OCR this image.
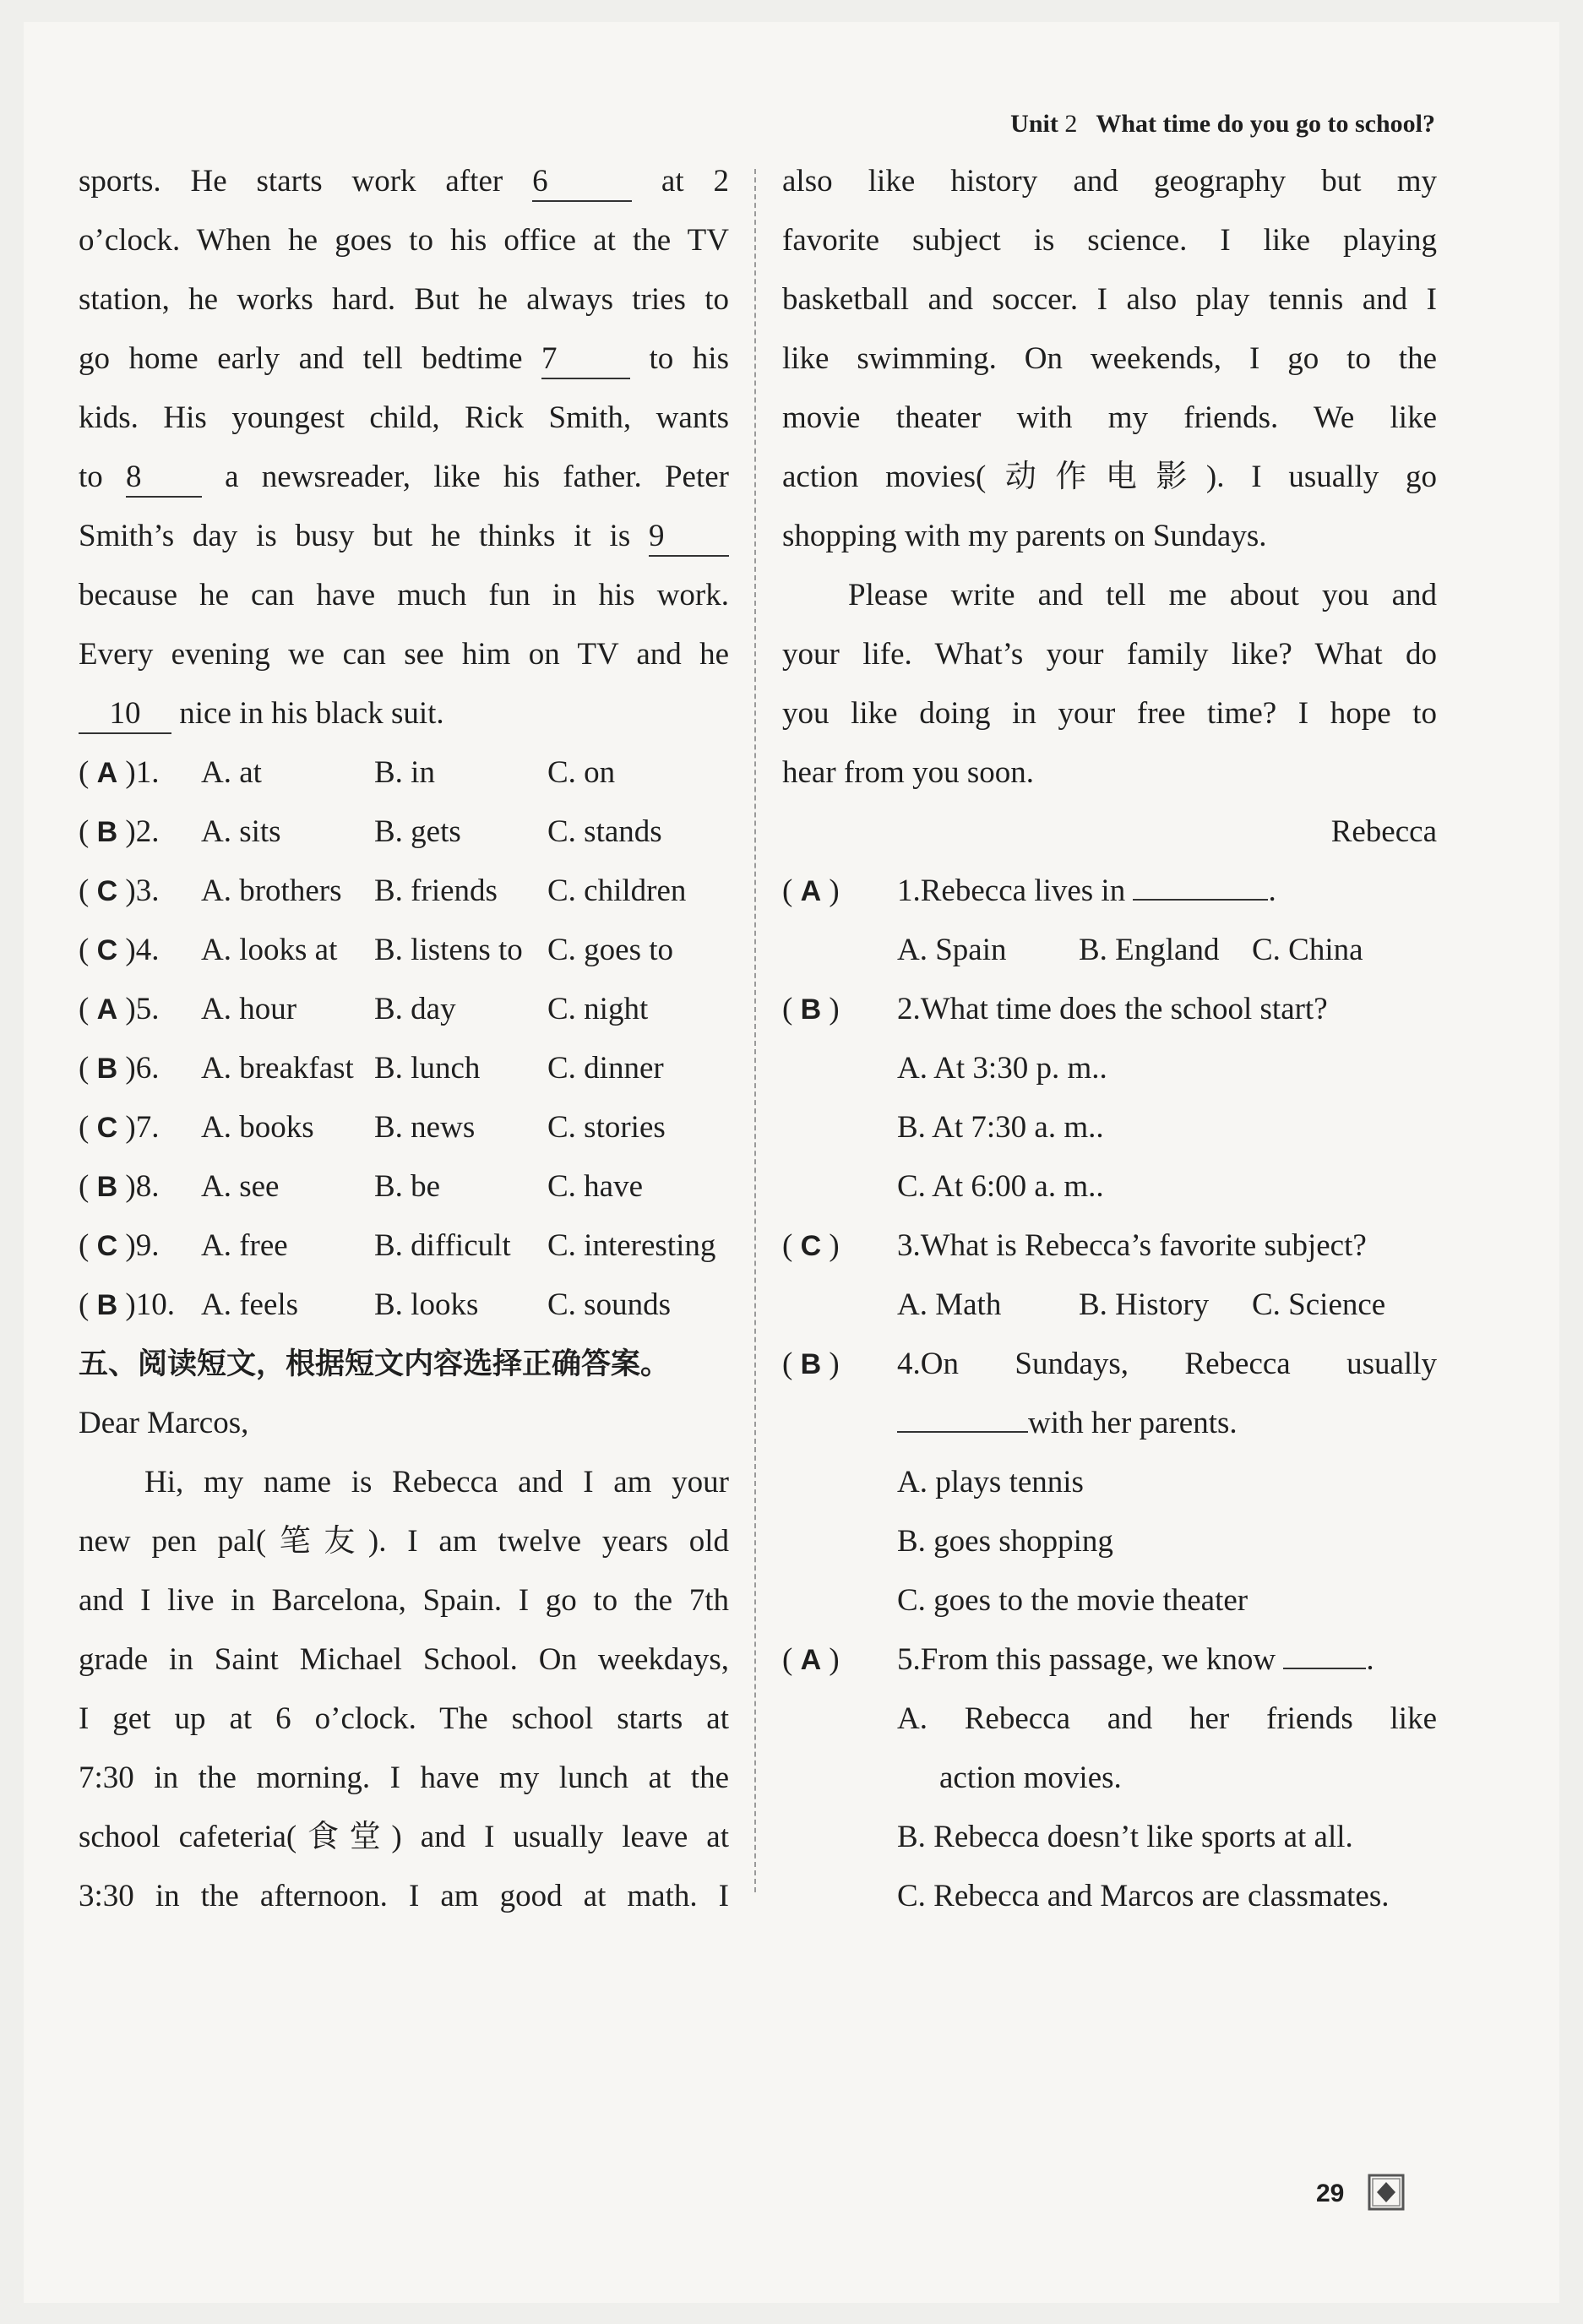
Unit 2 What time do you go to school?
sports. He starts work after 6	at 2
o’clock. When he goes to his office at the TV
station, he works hard. But he always tries to
go home early and tell bedtime 7 to his
kids. His youngest child, Rick Smith, wants
to 8 a newsreader, like his father. Peter
Smith’s day is busy but he thinks it is 9
because he can have much fun in his work.
Every evening we can see him on TV and he
10 nice in his black suit.
( A )1. A. at	B. in	C. on
( B )2. A. sits	B. gets	C. stands
( C )3. A. brothers B. friends	C. children
( C )4. A. looks at B. listens to C. goes to
( A )5. A. hour B. day	C. night
( B )6. A. breakfast B. lunch	C. dinner
( C )7. A. books B. news	C. stories
( B )8. A. see	B. be	C. have
( C )9. A. free	B. difficult	C. interesting
( B )10. A. feels B. looks	C. sounds
五、阅读短文，根据短文内容选择正确答案。
Dear Marcos,
Hi, my name is Rebecca and I am your
new pen pal(笔友). I am twelve years old
and I live in Barcelona, Spain. I go to the 7th
grade in Saint Michael School. On weekdays,
I get up at 6 o’clock. The school starts at
7:30 in the morning. I have my lunch at the
school cafeteria(食堂) and I usually leave at
3:30 in the afternoon. I am good at math. I
also like history and geography but my
favorite subject is science. I like playing
basketball and soccer. I also play tennis and I
like swimming. On weekends, I go to the
movie theater with my friends. We like
action movies(动作电影). I usually go
shopping with my parents on Sundays.
Please write and tell me about you and
your life. What’s your family like? What do
you like doing in your free time? I hope to
hear from you soon.
Rebecca
( A )	1.Rebecca lives in	.
A. Spain B. England C. China
( B )	2.What time does the school start?
A. At 3:30 p. m..
B. At 7:30 a. m..
C. At 6:00 a. m..
( C )	3.What is Rebecca’s favorite subject?
A. Math B. History C. Science
( B )	4.On Sundays, Rebecca usually
with her parents.
A. plays tennis
B. goes shopping
C. goes to the movie theater
( A )	5.From this passage, we know	.
A. Rebecca and her friends like
action movies.
B. Rebecca doesn’t like sports at all.
C. Rebecca and Marcos are classmates.
29
